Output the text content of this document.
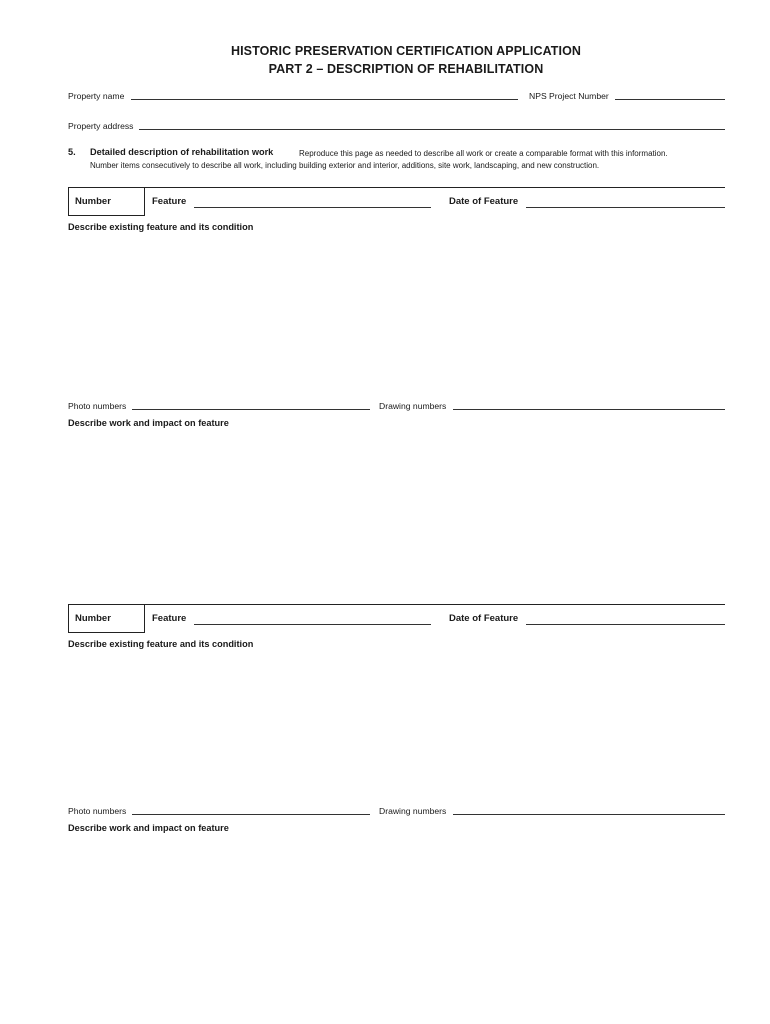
HISTORIC PRESERVATION CERTIFICATION APPLICATION
PART 2 – DESCRIPTION OF REHABILITATION
Property name	NPS Project Number
Property address
5. Detailed description of rehabilitation work	Reproduce this page as needed to describe all work or create a comparable format with this information.
Number items consecutively to describe all work, including building exterior and interior, additions, site work, landscaping, and new construction.
Number	Feature	Date of Feature
Describe existing feature and its condition
Photo numbers	Drawing numbers
Describe work and impact on feature
Number	Feature	Date of Feature
Describe existing feature and its condition
Photo numbers	Drawing numbers
Describe work and impact on feature
